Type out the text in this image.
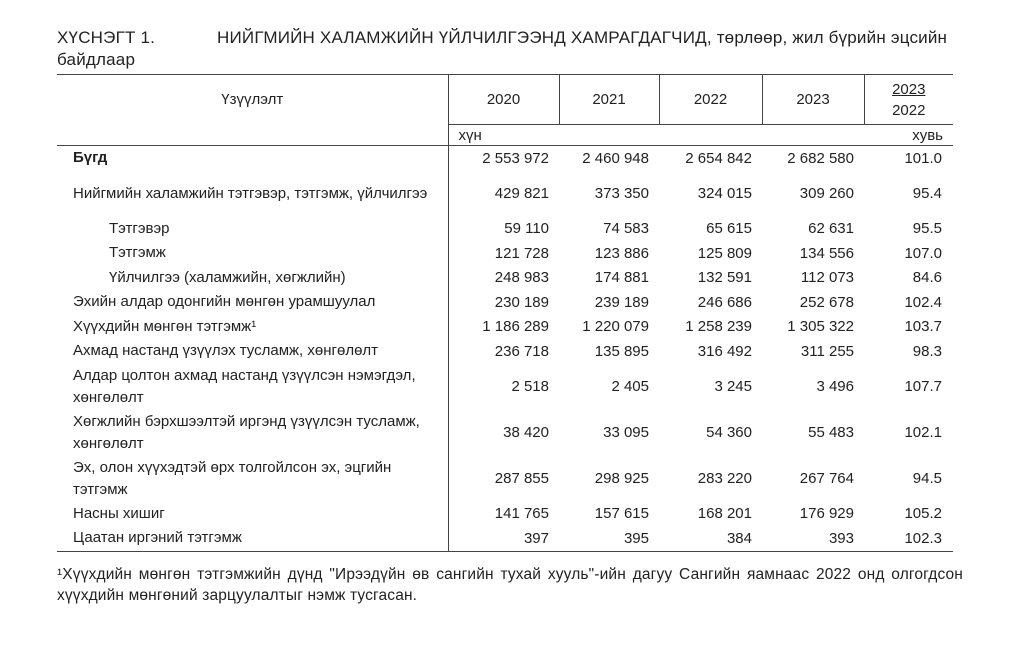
ХҮСНЭГТ 1.	НИЙГМИЙН ХАЛАМЖИЙН ҮЙЛЧИЛГЭЭНД ХАМРАГДАГЧИД, төрлөөр, жил бүрийн эцсийн байдлаар
Үзүүлэлт	2020	2021	2022	2023	2023
2022

	хүн				хувь
Бүгд	2 553 972	2 460 948	2 654 842	2 682 580	101.0
Нийгмийн халамжийн тэтгэвэр, тэтгэмж, үйлчилгээ	429 821	373 350	324 015	309 260	95.4
Тэтгэвэр	59 110	74 583	65 615	62 631	95.5
Тэтгэмж	121 728	123 886	125 809	134 556	107.0
Үйлчилгээ (халамжийн, хөгжлийн)	248 983	174 881	132 591	112 073	84.6
Эхийн алдар одонгийн мөнгөн урамшуулал	230 189	239 189	246 686	252 678	102.4
Хүүхдийн мөнгөн тэтгэмж¹	1 186 289	1 220 079	1 258 239	1 305 322	103.7
Ахмад настанд үзүүлэх тусламж, хөнгөлөлт	236 718	135 895	316 492	311 255	98.3
Алдар цолтон ахмад настанд үзүүлсэн нэмэгдэл, хөнгөлөлт	2 518	2 405	3 245	3 496	107.7
Хөгжлийн бэрхшээлтэй иргэнд үзүүлсэн тусламж, хөнгөлөлт	38 420	33 095	54 360	55 483	102.1
Эх, олон хүүхэдтэй өрх толгойлсон эх, эцгийн тэтгэмж	287 855	298 925	283 220	267 764	94.5
Насны хишиг	141 765	157 615	168 201	176 929	105.2
Цаатан иргэний тэтгэмж	397	395	384	393	102.3
¹Хүүхдийн мөнгөн тэтгэмжийн дүнд "Ирээдүйн өв сангийн тухай хууль"-ийн дагуу Сангийн яамнаас 2022 онд олгогдсон хүүхдийн мөнгөний зарцуулалтыг нэмж тусгасан.
